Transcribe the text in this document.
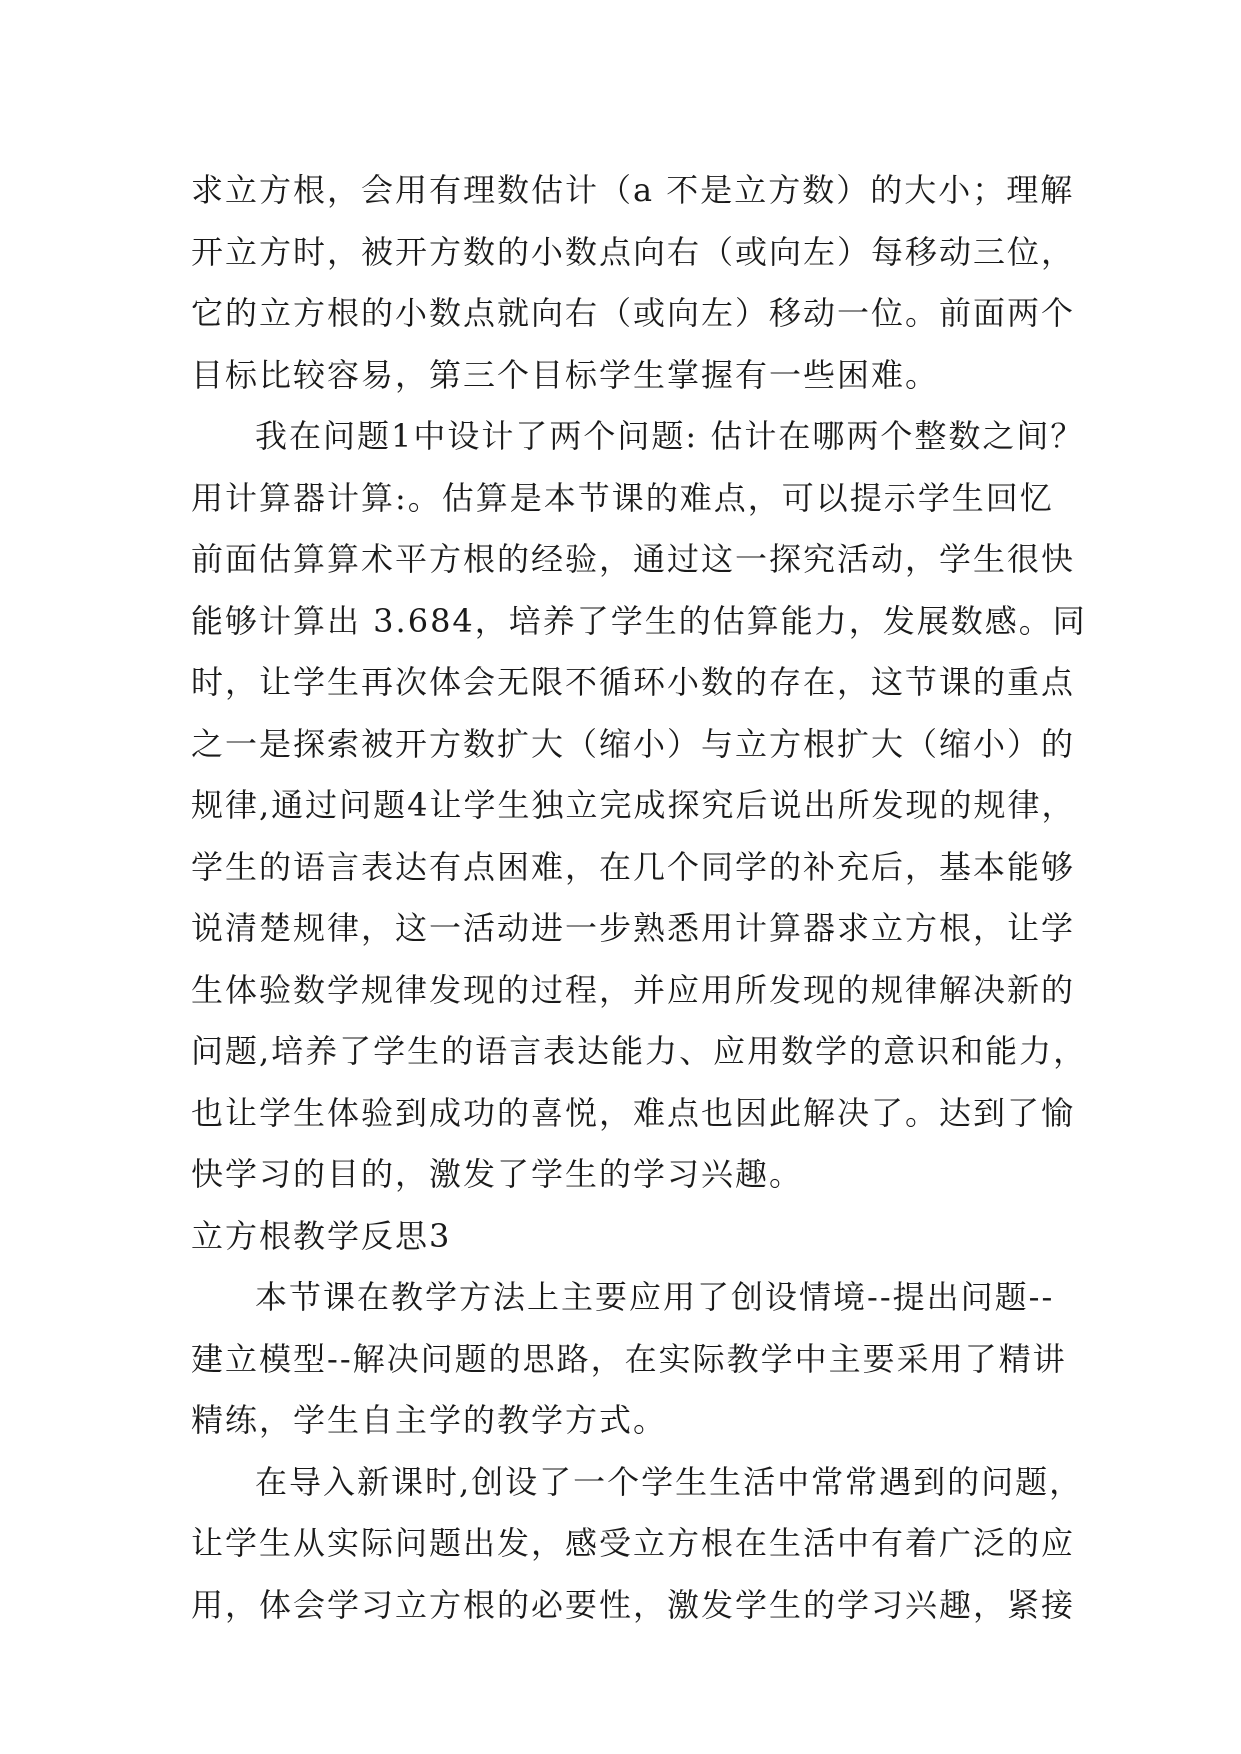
求立方根，会用有理数估计（a 不是立方数）的大小；理解
开立方时，被开方数的小数点向右（或向左）每移动三位，
它的立方根的小数点就向右（或向左）移动一位。前面两个
目标比较容易，第三个目标学生掌握有一些困难。
我在问题1中设计了两个问题: 估计在哪两个整数之间？
用计算器计算:。估算是本节课的难点，可以提示学生回忆
前面估算算术平方根的经验，通过这一探究活动，学生很快
能够计算出 3.684，培养了学生的估算能力，发展数感。同
时，让学生再次体会无限不循环小数的存在，这节课的重点
之一是探索被开方数扩大（缩小）与立方根扩大（缩小）的
规律,通过问题4让学生独立完成探究后说出所发现的规律，
学生的语言表达有点困难，在几个同学的补充后，基本能够
说清楚规律，这一活动进一步熟悉用计算器求立方根，让学
生体验数学规律发现的过程，并应用所发现的规律解决新的
问题,培养了学生的语言表达能力、应用数学的意识和能力，
也让学生体验到成功的喜悦，难点也因此解决了。达到了愉
快学习的目的，激发了学生的学习兴趣。
立方根教学反思3
本节课在教学方法上主要应用了创设情境--提出问题--
建立模型--解决问题的思路，在实际教学中主要采用了精讲
精练，学生自主学的教学方式。
在导入新课时,创设了一个学生生活中常常遇到的问题，
让学生从实际问题出发，感受立方根在生活中有着广泛的应
用，体会学习立方根的必要性，激发学生的学习兴趣，紧接
